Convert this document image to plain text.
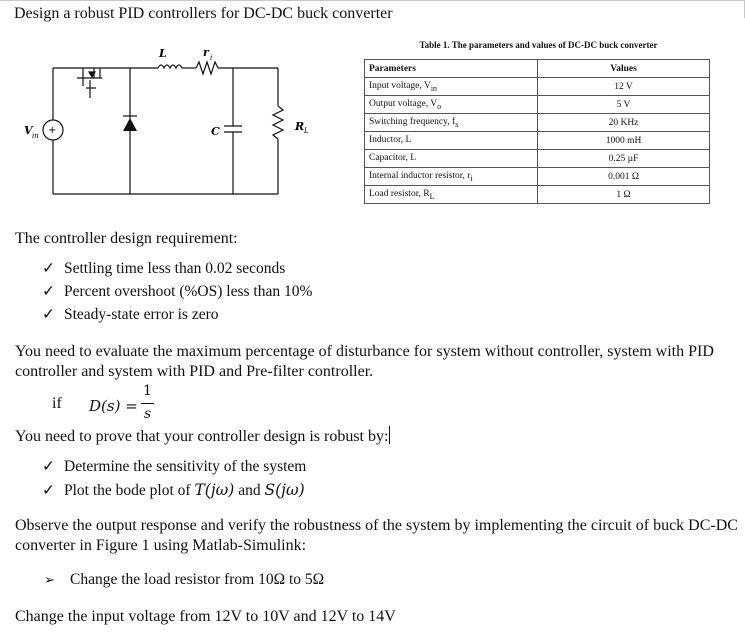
Design a robust PID controllers for DC-DC buck converter
L	r i
V in +	C	R L
Table 1. The parameters and values of DC-DC buck converter
Parameters	Values
Input voltage, $V_{in}$	12 V
Output voltage, $V_o$	5 V
Switching frequency, $f_s$	20 KHz
Inductor, L	1000 mH
Capacitor, L	0.25 µF
Internal inductor resistor, $r_i$	0.001 Ω
Load resistor, $R_L$	1 Ω
The controller design requirement:
✓ Settling time less than 0.02 seconds
✓ Percent overshoot (%OS) less than 10%
✓ Steady-state error is zero
You need to evaluate the maximum percentage of disturbance for system without controller, system with PID controller and system with PID and Pre-filter controller.
if D(s) =
1
s
You need to prove that your controller design is robust by:
✓ Determine the sensitivity of the system
✓ Plot the bode plot of T(jω) and S(jω)
Observe the output response and verify the robustness of the system by implementing the circuit of buck DC-DC converter in Figure 1 using Matlab-Simulink:
➢ Change the load resistor from 10Ω to 5Ω
Change the input voltage from 12V to 10V and 12V to 14V
